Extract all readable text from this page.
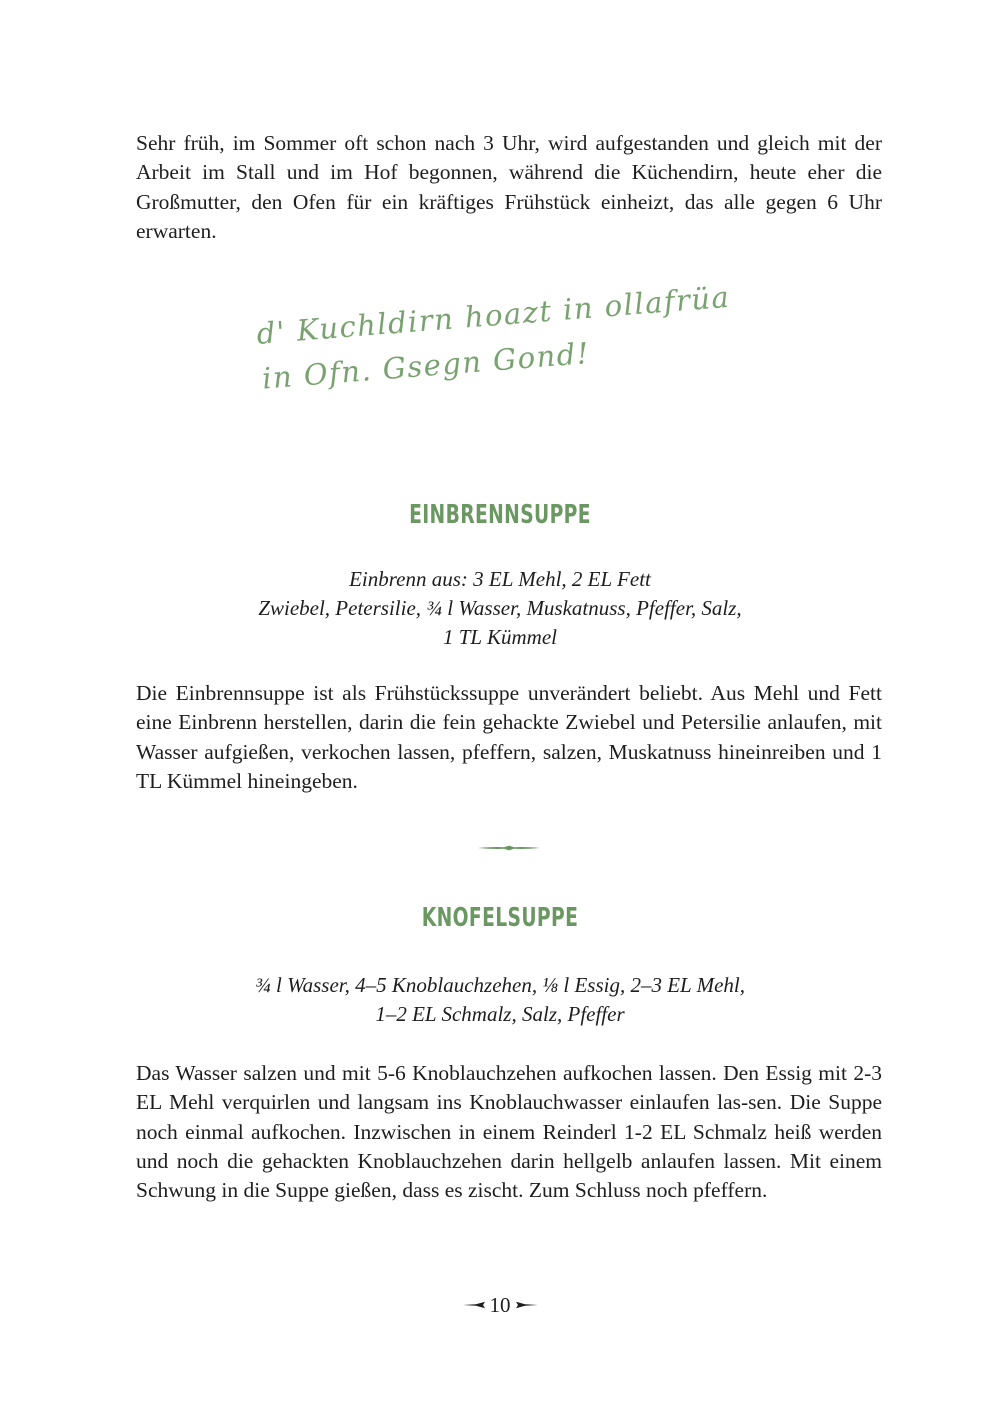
Sehr früh, im Sommer oft schon nach 3 Uhr, wird aufgestanden und gleich mit der Arbeit im Stall und im Hof begonnen, während die Küchendirn, heute eher die Großmutter, den Ofen für ein kräftiges Frühstück einheizt, das alle gegen 6 Uhr erwarten.

d' Kuchldirn hoazt in ollafrüa
in Ofn. Gsegn Gond!
EINBRENNSUPPE
Einbrenn aus: 3 EL Mehl, 2 EL Fett
Zwiebel, Petersilie, ¾ l Wasser, Muskatnuss, Pfeffer, Salz,
1 TL Kümmel

Die Einbrennsuppe ist als Frühstückssuppe unverändert beliebt. Aus Mehl und Fett eine Einbrenn herstellen, darin die fein gehackte Zwiebel und Petersilie anlaufen, mit Wasser aufgießen, verkochen lassen, pfeffern, salzen, Muskatnuss hineinreiben und 1 TL Kümmel hineingeben.

KNOFELSUPPE
¾ l Wasser, 4–5 Knoblauchzehen, ⅛ l Essig, 2–3 EL Mehl,
1–2 EL Schmalz, Salz, Pfeffer

Das Wasser salzen und mit 5-6 Knoblauchzehen aufkochen lassen. Den Essig mit 2-3 EL Mehl verquirlen und langsam ins Knoblauchwasser einlaufen las-sen. Die Suppe noch einmal aufkochen. Inzwischen in einem Reinderl 1-2 EL Schmalz heiß werden und noch die gehackten Knoblauchzehen darin hellgelb anlaufen lassen. Mit einem Schwung in die Suppe gießen, dass es zischt. Zum Schluss noch pfeffern.

10
